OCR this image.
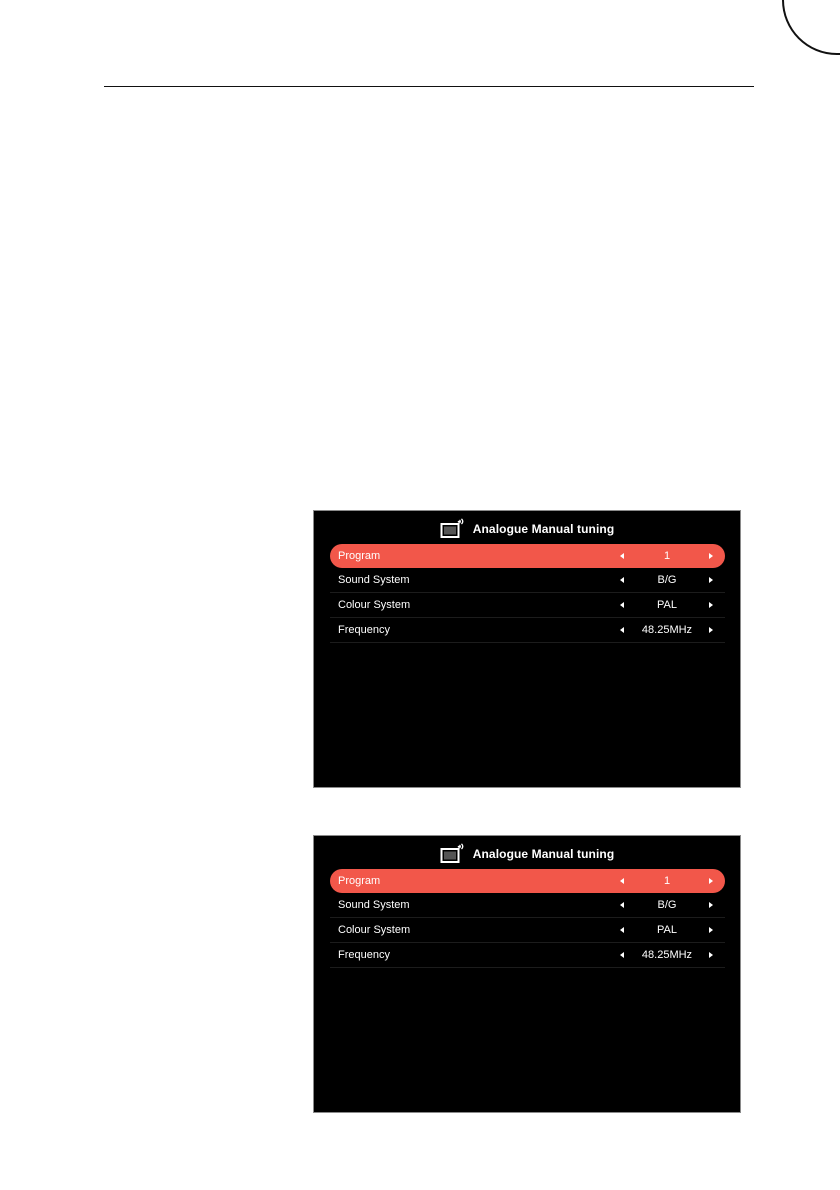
Analogue Manual tuning
Program	1
Sound System	B/G
Colour System	PAL
Frequency	48.25MHz
Analogue Manual tuning
Program	1
Sound System	B/G
Colour System	PAL
Frequency	48.25MHz
